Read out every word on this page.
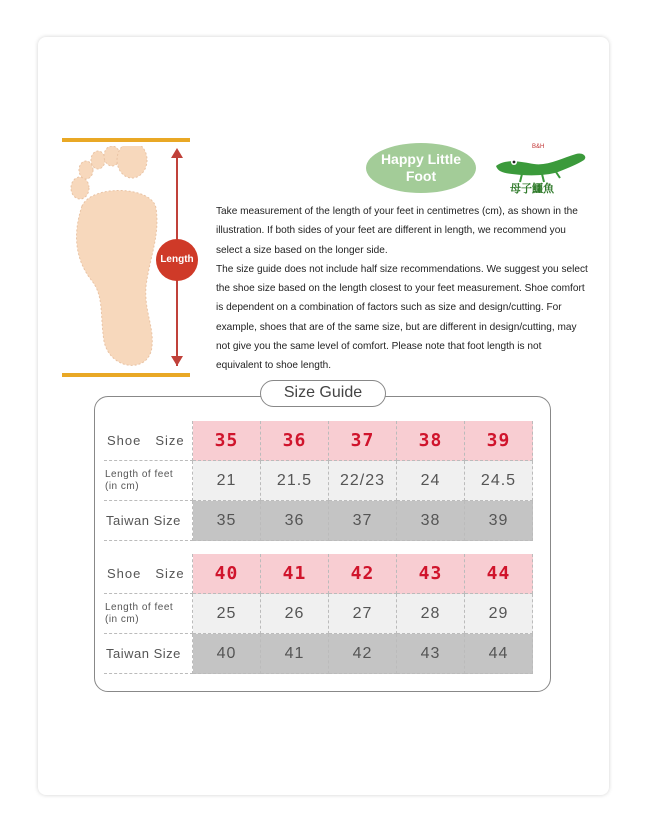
Length
Happy Little
Foot
B&H
母子鱷魚

Take measurement of the length of your feet in centimetres (cm), as shown in the illustration. If both sides of your feet are different in length, we recommend you select a size based on the longer side.

The size guide does not include half size recommendations. We suggest you select the shoe size based on the length closest to your feet measurement. Shoe comfort is dependent on a combination of factors such as size and design/cutting. For example, shoes that are of the same size, but are different in design/cutting, may not give you the same level of comfort. Please note that foot length is not equivalent to shoe length.

Size Guide
Shoe Size	35	36	37	38	39
Length of feet
(in cm)	21	21.5	22/23	24	24.5
Taiwan Size	35	36	37	38	39
Shoe Size	40	41	42	43	44
Length of feet
(in cm)	25	26	27	28	29
Taiwan Size	40	41	42	43	44
